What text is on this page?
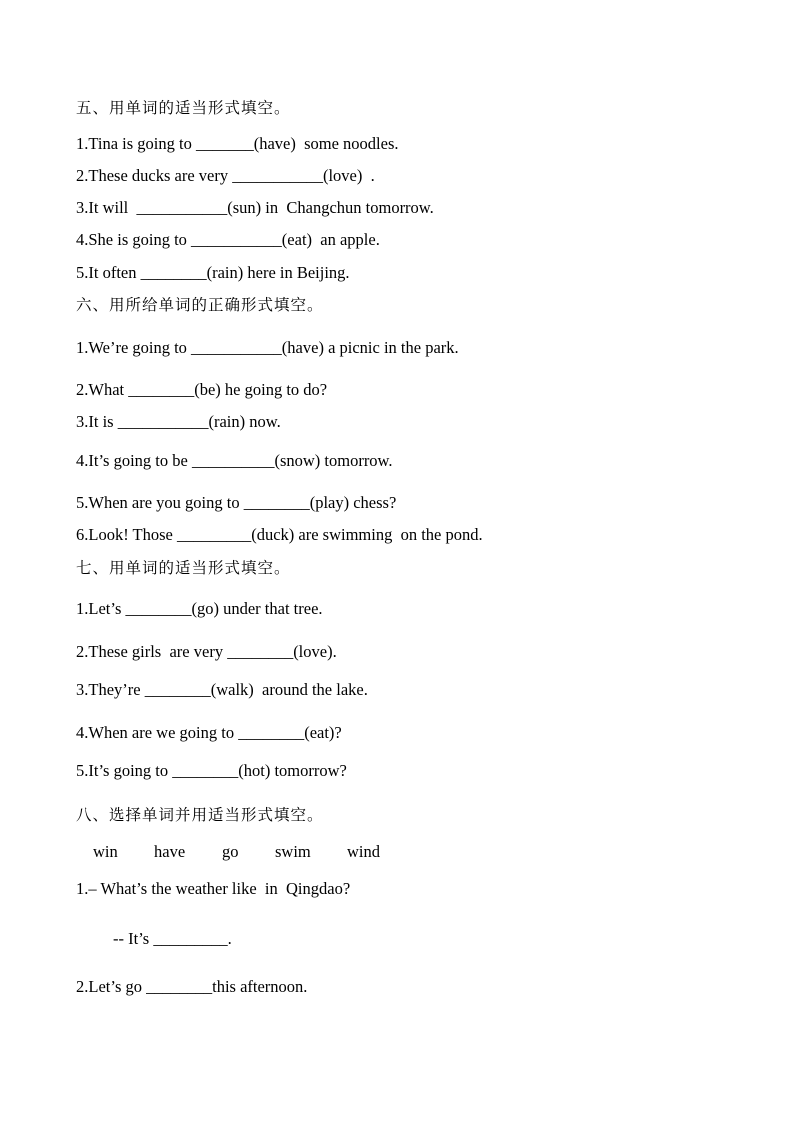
五、用单词的适当形式填空。
1.Tina is going to _______(have)  some noodles.
2.These ducks are very ___________(love)  .
3.It will  ___________(sun) in  Changchun tomorrow.
4.She is going to ___________(eat)  an apple.
5.It often ________(rain) here in Beijing.
六、用所给单词的正确形式填空。
1.We’re going to ___________(have) a picnic in the park.
2.What ________(be) he going to do?
3.It is ___________(rain) now.
4.It’s going to be __________(snow) tomorrow.
5.When are you going to ________(play) chess?
6.Look! Those _________(duck) are swimming  on the pond.
七、用单词的适当形式填空。
1.Let’s ________(go) under that tree.
2.These girls  are very ________(love).
3.They’re ________(walk)  around the lake.
4.When are we going to ________(eat)?
5.It’s going to ________(hot) tomorrow?
八、选择单词并用适当形式填空。
win have go swim wind
1.‒ What’s the weather like  in  Qingdao?
-- It’s _________.
2.Let’s go ________this afternoon.
